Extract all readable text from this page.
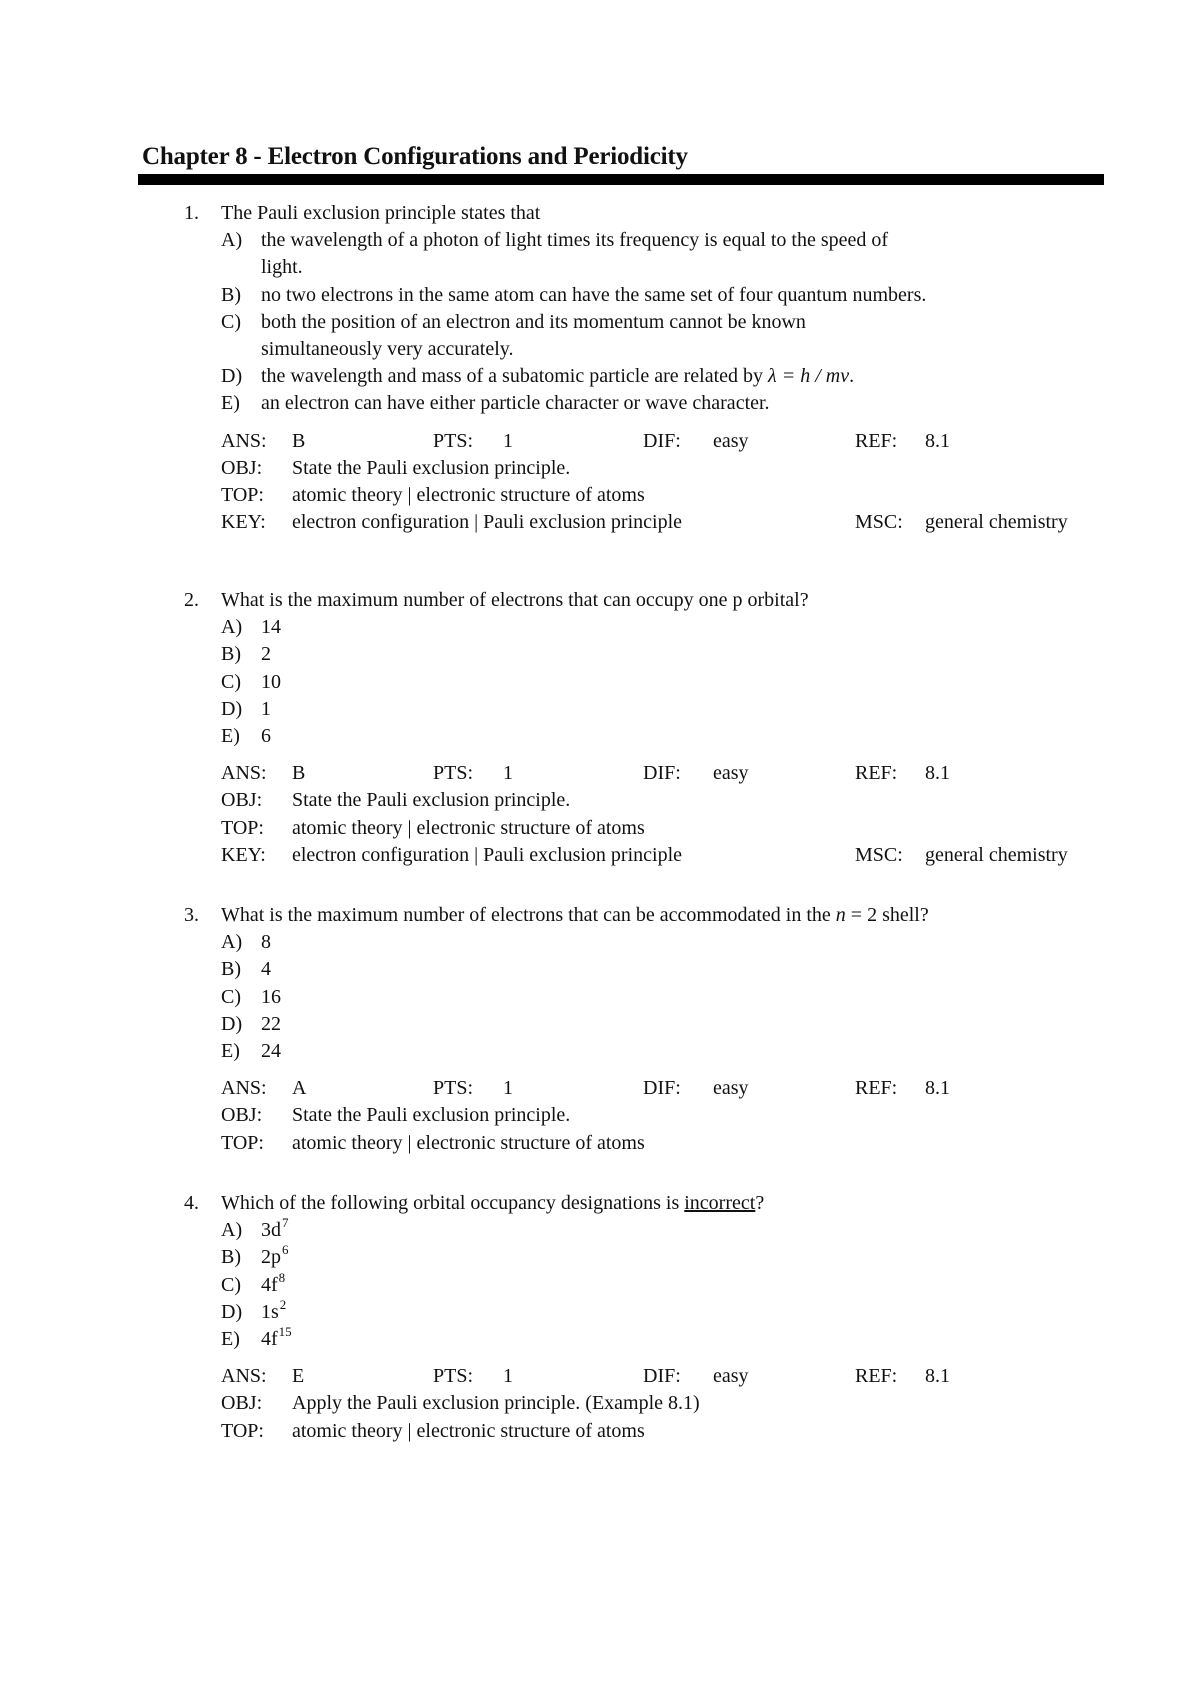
Chapter 8 - Electron Configurations and Periodicity
1.	The Pauli exclusion principle states that
A) the wavelength of a photon of light times its frequency is equal to the speed of
light.
B) no two electrons in the same atom can have the same set of four quantum numbers.
C) both the position of an electron and its momentum cannot be known
simultaneously very accurately.
D) the wavelength and mass of a subatomic particle are related by λ = h / mv.
E) an electron can have either particle character or wave character.
ANS: B	PTS: 1	DIF: easy	REF: 8.1
OBJ: State the Pauli exclusion principle.
TOP: atomic theory | electronic structure of atoms
KEY: electron configuration | Pauli exclusion principle	MSC: general chemistry
2.	What is the maximum number of electrons that can occupy one p orbital?
A) 14
B) 2
C) 10
D) 1
E) 6
ANS: B	PTS: 1	DIF: easy	REF: 8.1
OBJ: State the Pauli exclusion principle.
TOP: atomic theory | electronic structure of atoms
KEY: electron configuration | Pauli exclusion principle	MSC: general chemistry
3.	What is the maximum number of electrons that can be accommodated in the n = 2 shell?
A) 8
B) 4
C) 16
D) 22
E) 24
ANS: A	PTS: 1	DIF: easy	REF: 8.1
OBJ: State the Pauli exclusion principle.
TOP: atomic theory | electronic structure of atoms
4.	Which of the following orbital occupancy designations is incorrect?
A) $3d^7$
B) $2p^6$
C) $4f^8$
D) $1s^2$
E) $4f^{15}$
ANS: E	PTS: 1	DIF: easy	REF: 8.1
OBJ: Apply the Pauli exclusion principle. (Example 8.1)
TOP: atomic theory | electronic structure of atoms
